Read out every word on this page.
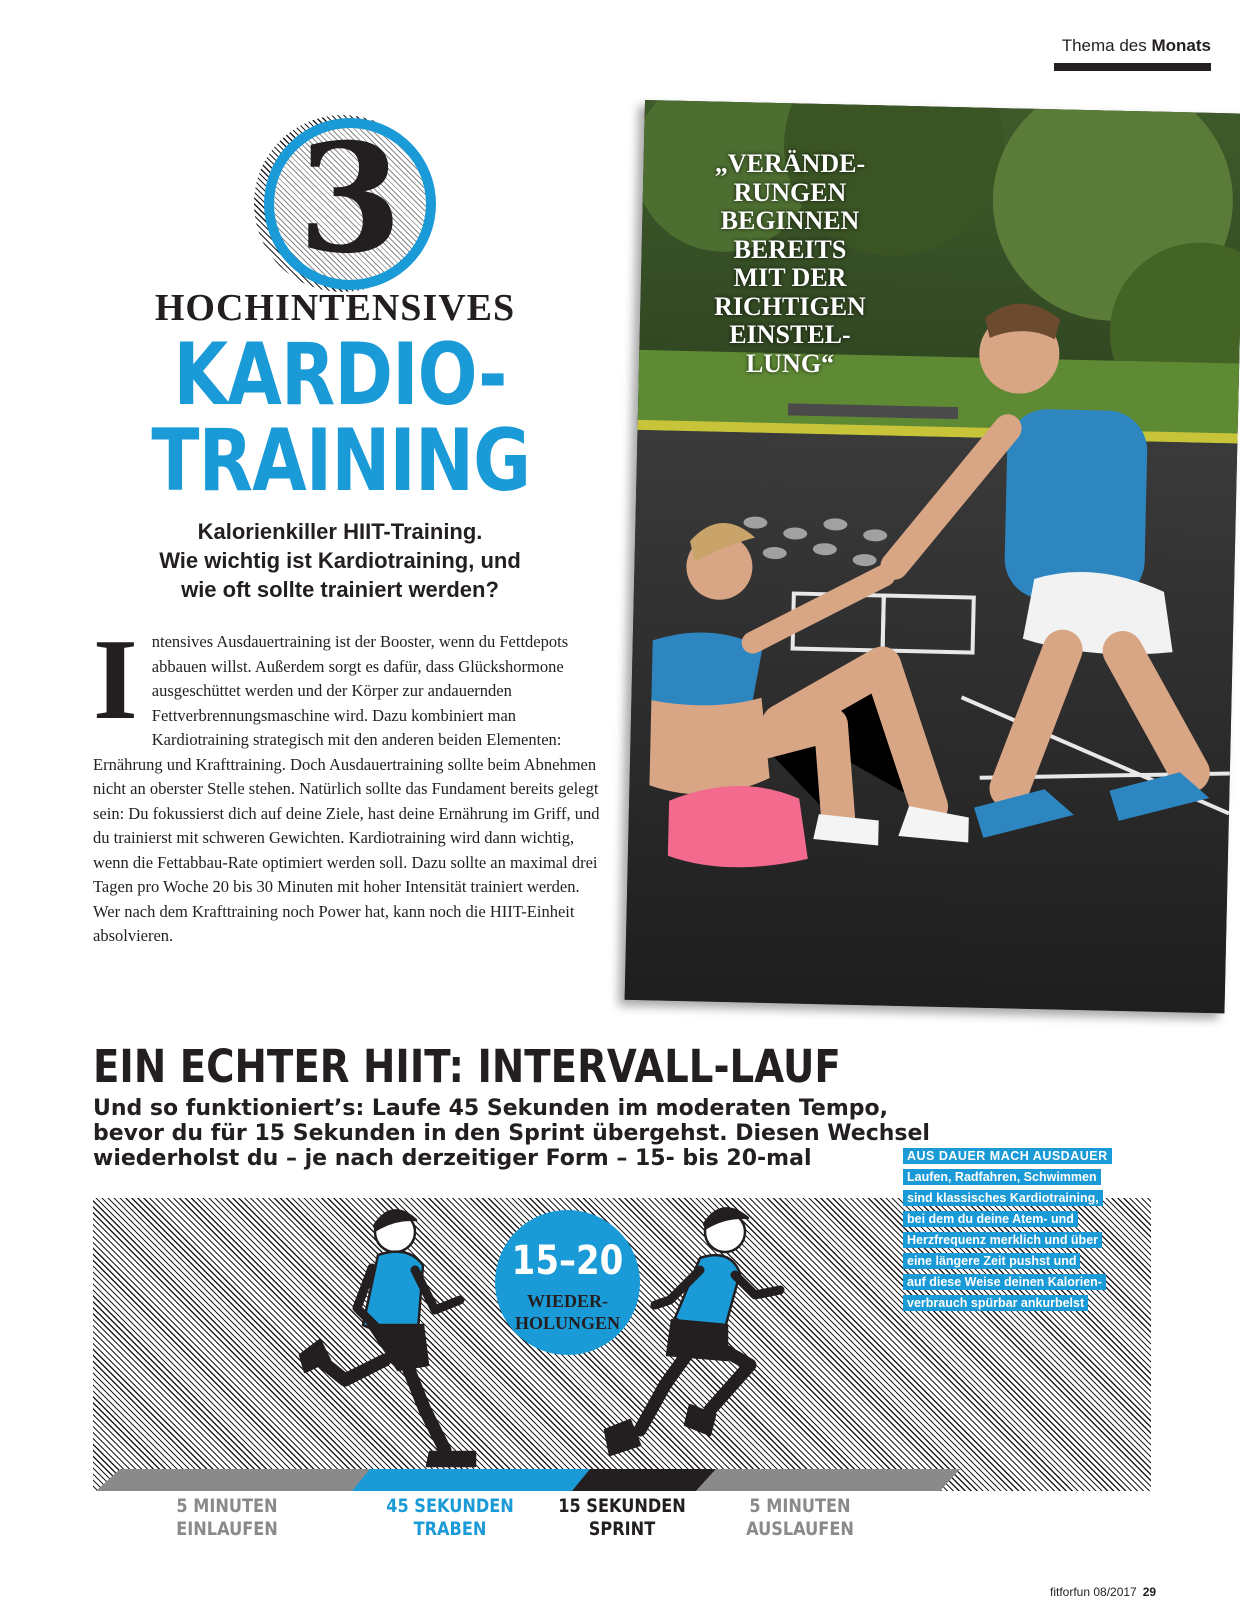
Thema des Monats
3
HOCHINTENSIVES
KARDIO-
TRAINING
Kalorienkiller HIIT-Training.
Wie wichtig ist Kardiotraining, und
wie oft sollte trainiert werden?
I ntensives Ausdauertraining ist der Booster, wenn du Fettdepots abbauen willst. Außerdem sorgt es dafür, dass Glückshormone ausgeschüttet werden und der Körper zur andauernden Fettverbrennungsmaschine wird. Dazu kombiniert man Kardiotraining strategisch mit den anderen beiden Elementen: Ernährung und Krafttraining. Doch Ausdauertraining sollte beim Abnehmen nicht an oberster Stelle stehen. Natürlich sollte das Fundament bereits gelegt sein: Du fokussierst dich auf deine Ziele, hast deine Ernährung im Griff, und du trainierst mit schweren Gewichten. Kardiotraining wird dann wichtig, wenn die Fettabbau-Rate optimiert werden soll. Dazu sollte an maximal drei Tagen pro Woche 20 bis 30 Minuten mit hoher Intensität trainiert werden. Wer nach dem Krafttraining noch Power hat, kann noch die HIIT-Einheit absolvieren.
„VERÄNDE-
RUNGEN
BEGINNEN
BEREITS
MIT DER
RICHTIGEN
EINSTEL-
LUNG“
EIN ECHTER HIIT: INTERVALL-LAUF
Und so funktioniert’s: Laufe 45 Sekunden im moderaten Tempo,
bevor du für 15 Sekunden in den Sprint übergehst. Diesen Wechsel
wiederholst du – je nach derzeitiger Form – 15- bis 20-mal
15–20
WIEDER-
HOLUNGEN
AUS DAUER MACH AUSDAUER
Laufen, Radfahren, Schwimmen
sind klassisches Kardiotraining,
bei dem du deine Atem- und
Herzfrequenz merklich und über
eine längere Zeit pushst und
auf diese Weise deinen Kalorien-
verbrauch spürbar ankurbelst
5 MINUTEN
EINLAUFEN
45 SEKUNDEN
TRABEN
15 SEKUNDEN
SPRINT
5 MINUTEN
AUSLAUFEN
fitforfun 08/2017 29
